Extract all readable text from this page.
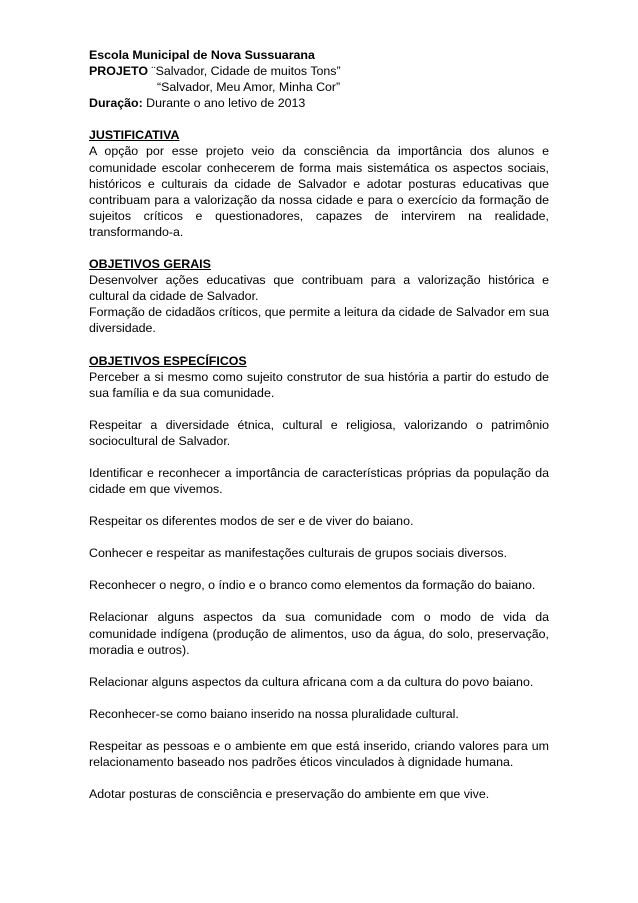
Escola Municipal de Nova Sussuarana

PROJETO ¨Salvador, Cidade de muitos Tons”

“Salvador, Meu Amor, Minha Cor”

Duração: Durante o ano letivo de 2013

JUSTIFICATIVA

A opção por esse projeto veio da consciência da importância dos alunos e comunidade escolar conhecerem de forma mais sistemática os aspectos sociais, históricos e culturais da cidade de Salvador e adotar posturas educativas que contribuam para a valorização da nossa cidade e para o exercício da formação de sujeitos críticos e questionadores, capazes de intervirem na realidade, transformando-a.

OBJETIVOS GERAIS

Desenvolver ações educativas que contribuam para a valorização histórica e cultural da cidade de Salvador.

Formação de cidadãos críticos, que permite a leitura da cidade de Salvador em sua diversidade.

OBJETIVOS ESPECÍFICOS

Perceber a si mesmo como sujeito construtor de sua história a partir do estudo de sua família e da sua comunidade.

Respeitar a diversidade étnica, cultural e religiosa, valorizando o patrimônio sociocultural de Salvador.

Identificar e reconhecer a importância de características próprias da população da cidade em que vivemos.

Respeitar os diferentes modos de ser e de viver do baiano.

Conhecer e respeitar as manifestações culturais de grupos sociais diversos.

Reconhecer o negro, o índio e o branco como elementos da formação do baiano.

Relacionar alguns aspectos da sua comunidade com o modo de vida da comunidade indígena (produção de alimentos, uso da água, do solo, preservação, moradia e outros).

Relacionar alguns aspectos da cultura africana com a da cultura do povo baiano.

Reconhecer-se como baiano inserido na nossa pluralidade cultural.

Respeitar as pessoas e o ambiente em que está inserido, criando valores para um relacionamento baseado nos padrões éticos vinculados à dignidade humana.

Adotar posturas de consciência e preservação do ambiente em que vive.
